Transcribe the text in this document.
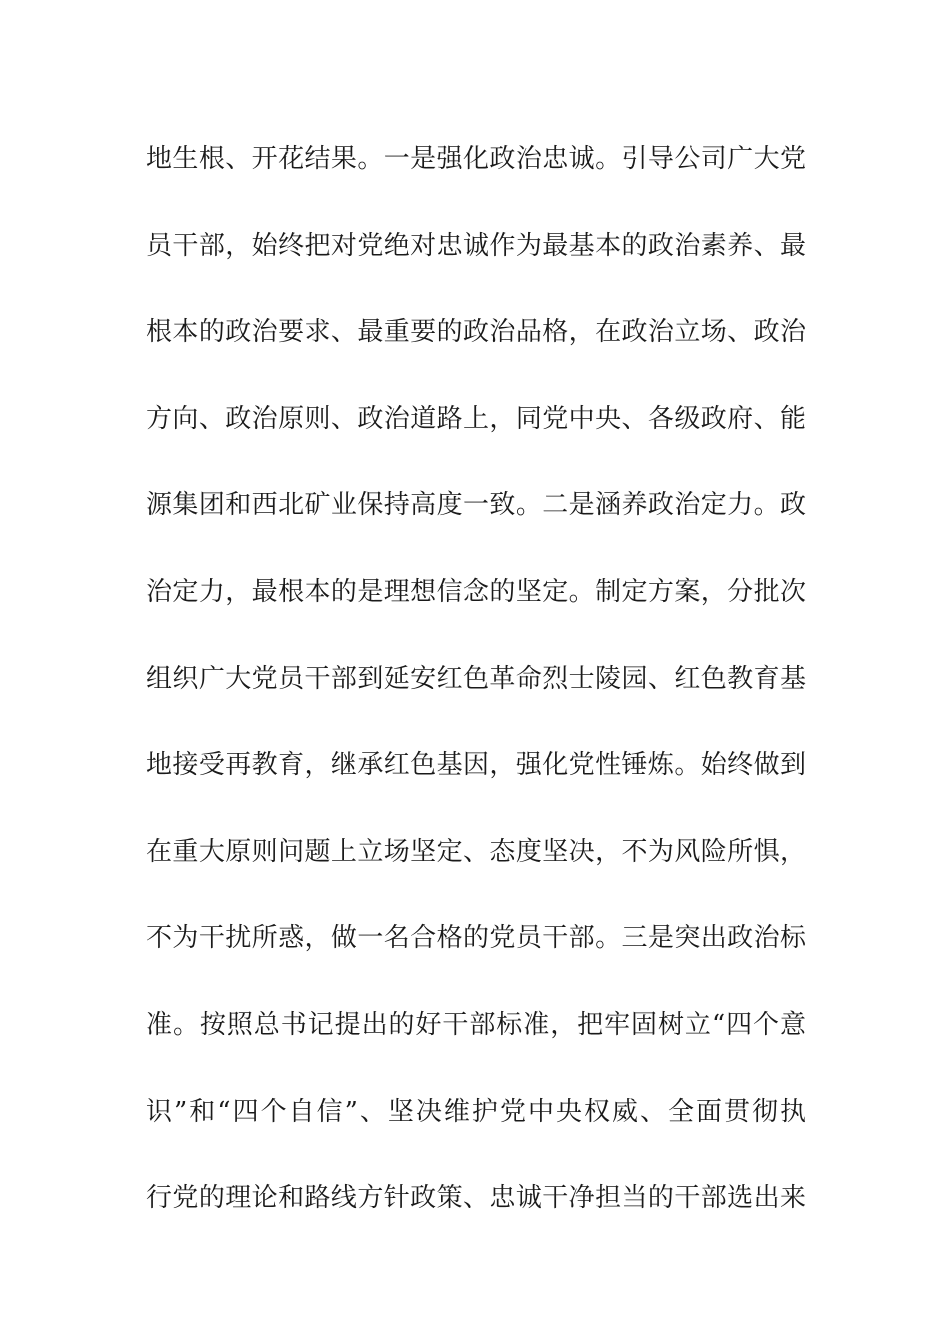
地生根、开花结果。一是强化政治忠诚。引导公司广大党
员干部，始终把对党绝对忠诚作为最基本的政治素养、最
根本的政治要求、最重要的政治品格，在政治立场、政治
方向、政治原则、政治道路上，同党中央、各级政府、能
源集团和西北矿业保持高度一致。二是涵养政治定力。政
治定力，最根本的是理想信念的坚定。制定方案，分批次
组织广大党员干部到延安红色革命烈士陵园、红色教育基
地接受再教育，继承红色基因，强化党性锤炼。始终做到
在重大原则问题上立场坚定、态度坚决，不为风险所惧，
不为干扰所惑，做一名合格的党员干部。三是突出政治标
准。按照总书记提出的好干部标准，把牢固树立“四个意
识”和“四个自信”、坚决维护党中央权威、全面贯彻执
行党的理论和路线方针政策、忠诚干净担当的干部选出来
